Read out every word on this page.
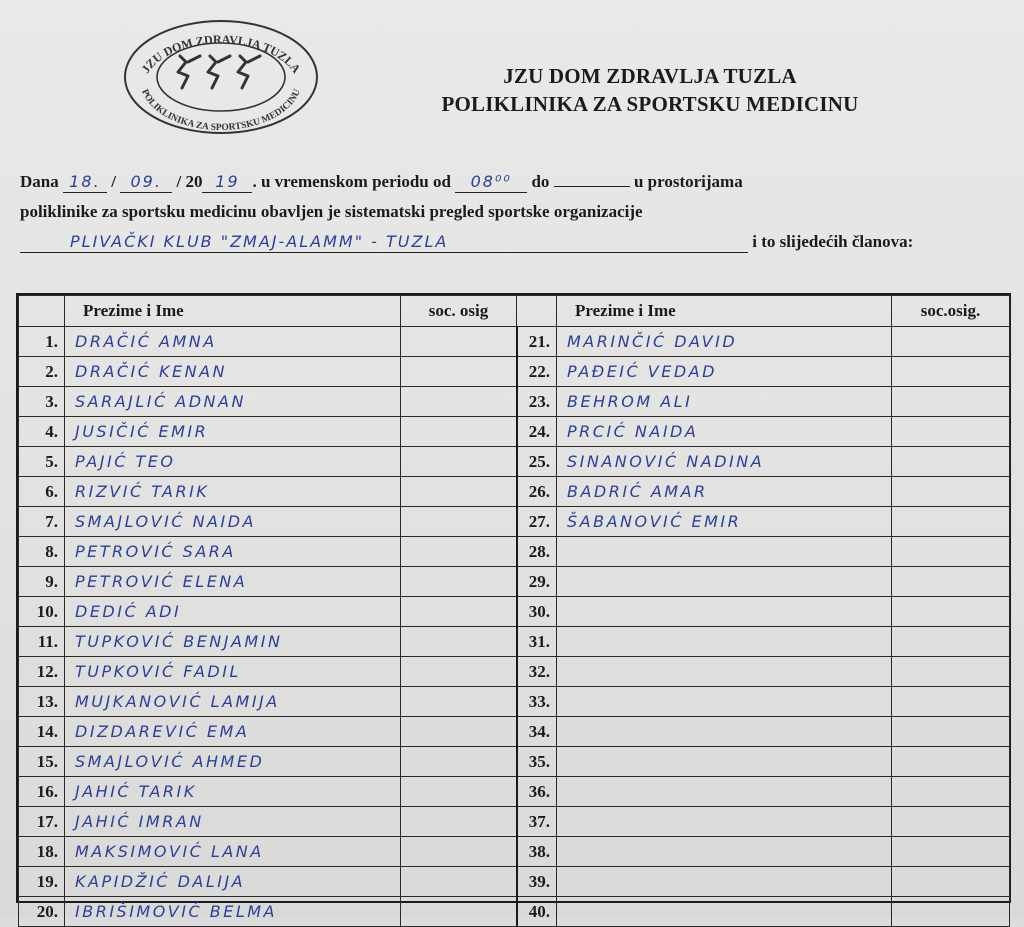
JZU DOM ZDRAVLJA TUZLA
POLIKLINIKA ZA SPORTSKU MEDICINU
JZU DOM ZDRAVLJA TUZLA
POLIKLINIKA ZA SPORTSKU MEDICINU
Dana 18. / 09. / 20 19 . u vremenskom periodu od 08⁰⁰ do	u prostorijama
poliklinike za sportsku medicinu obavljen je sistematski pregled sportske organizacije
PLIVAČKI KLUB "ZMAJ-ALAMM" - TUZLA	i to slijedećih članova:
	Prezime i Ime	soc. osig		Prezime i Ime	soc.osig.
1.	DRAČIĆ AMNA		21.	MARINČIĆ DAVID	
2.	DRAČIĆ KENAN		22.	PAĐEIĆ VEDAD	
3.	SARAJLIĆ ADNAN		23.	BEHROM ALI	
4.	JUSIČIĆ EMIR		24.	PRCIĆ NAIDA	
5.	PAJIĆ TEO		25.	SINANOVIĆ NADINA	
6.	RIZVIĆ TARIK		26.	BADRIĆ AMAR	
7.	SMAJLOVIĆ NAIDA		27.	ŠABANOVIĆ EMIR	
8.	PETROVIĆ SARA		28.		
9.	PETROVIĆ ELENA		29.		
10.	DEDIĆ ADI		30.		
11.	TUPKOVIĆ BENJAMIN		31.		
12.	TUPKOVIĆ FADIL		32.		
13.	MUJKANOVIĆ LAMIJA		33.		
14.	DIZDAREVIĆ EMA		34.		
15.	SMAJLOVIĆ AHMED		35.		
16.	JAHIĆ TARIK		36.		
17.	JAHIĆ IMRAN		37.		
18.	MAKSIMOVIĆ LANA		38.		
19.	KAPIDŽIĆ DALIJA		39.		
20.	IBRIŠIMOVIĆ BELMA		40.		
